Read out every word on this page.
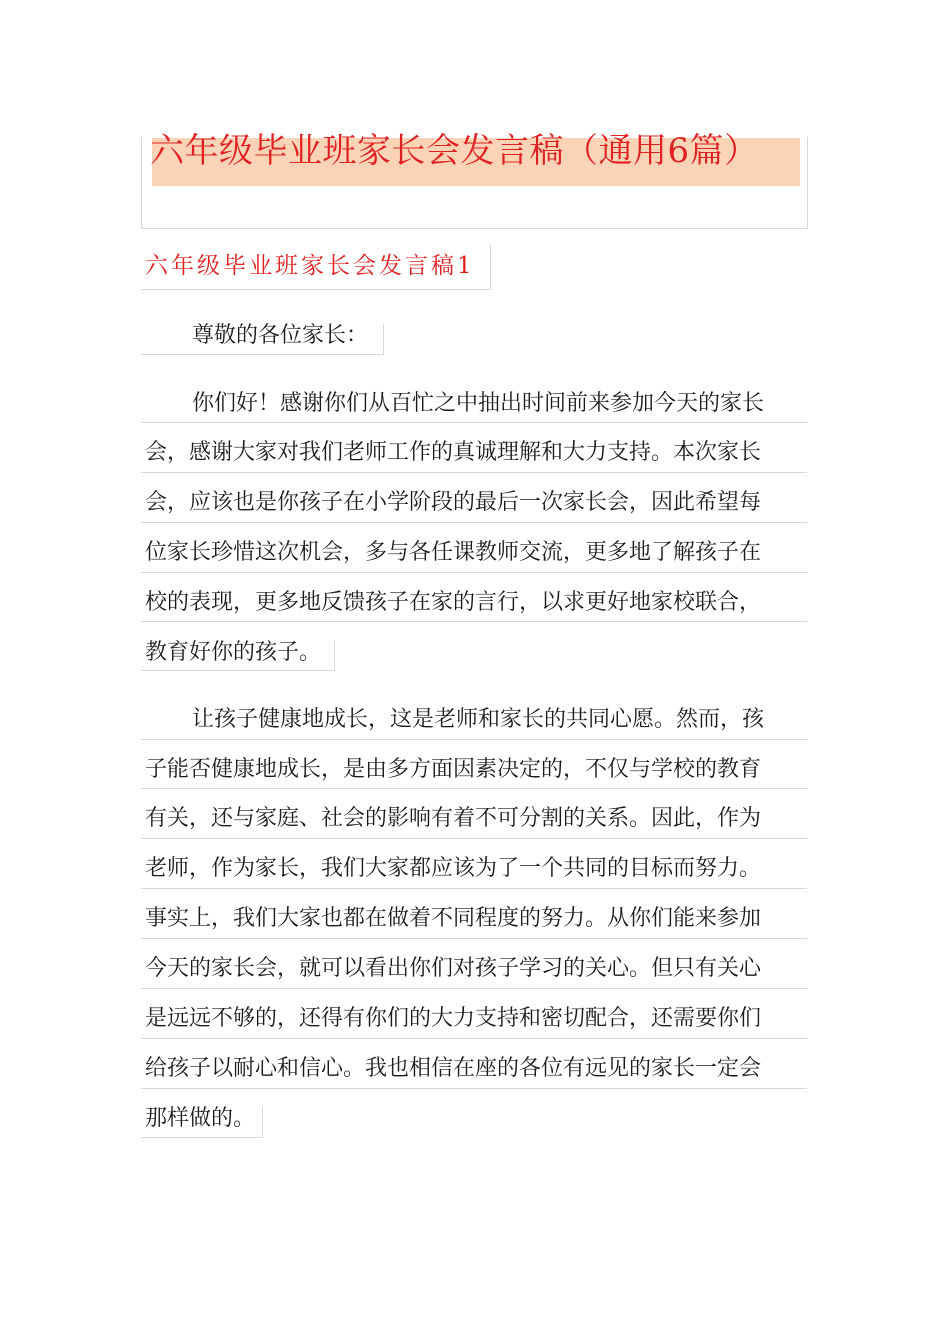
六年级毕业班家长会发言稿（通用6篇）
六年级毕业班家长会发言稿1
尊敬的各位家长：
你们好！感谢你们从百忙之中抽出时间前来参加今天的家长
会，感谢大家对我们老师工作的真诚理解和大力支持。本次家长
会，应该也是你孩子在小学阶段的最后一次家长会，因此希望每
位家长珍惜这次机会，多与各任课教师交流，更多地了解孩子在
校的表现，更多地反馈孩子在家的言行，以求更好地家校联合，
教育好你的孩子。
让孩子健康地成长，这是老师和家长的共同心愿。然而，孩
子能否健康地成长，是由多方面因素决定的，不仅与学校的教育
有关，还与家庭、社会的影响有着不可分割的关系。因此，作为
老师，作为家长，我们大家都应该为了一个共同的目标而努力。
事实上，我们大家也都在做着不同程度的努力。从你们能来参加
今天的家长会，就可以看出你们对孩子学习的关心。但只有关心
是远远不够的，还得有你们的大力支持和密切配合，还需要你们
给孩子以耐心和信心。我也相信在座的各位有远见的家长一定会
那样做的。
